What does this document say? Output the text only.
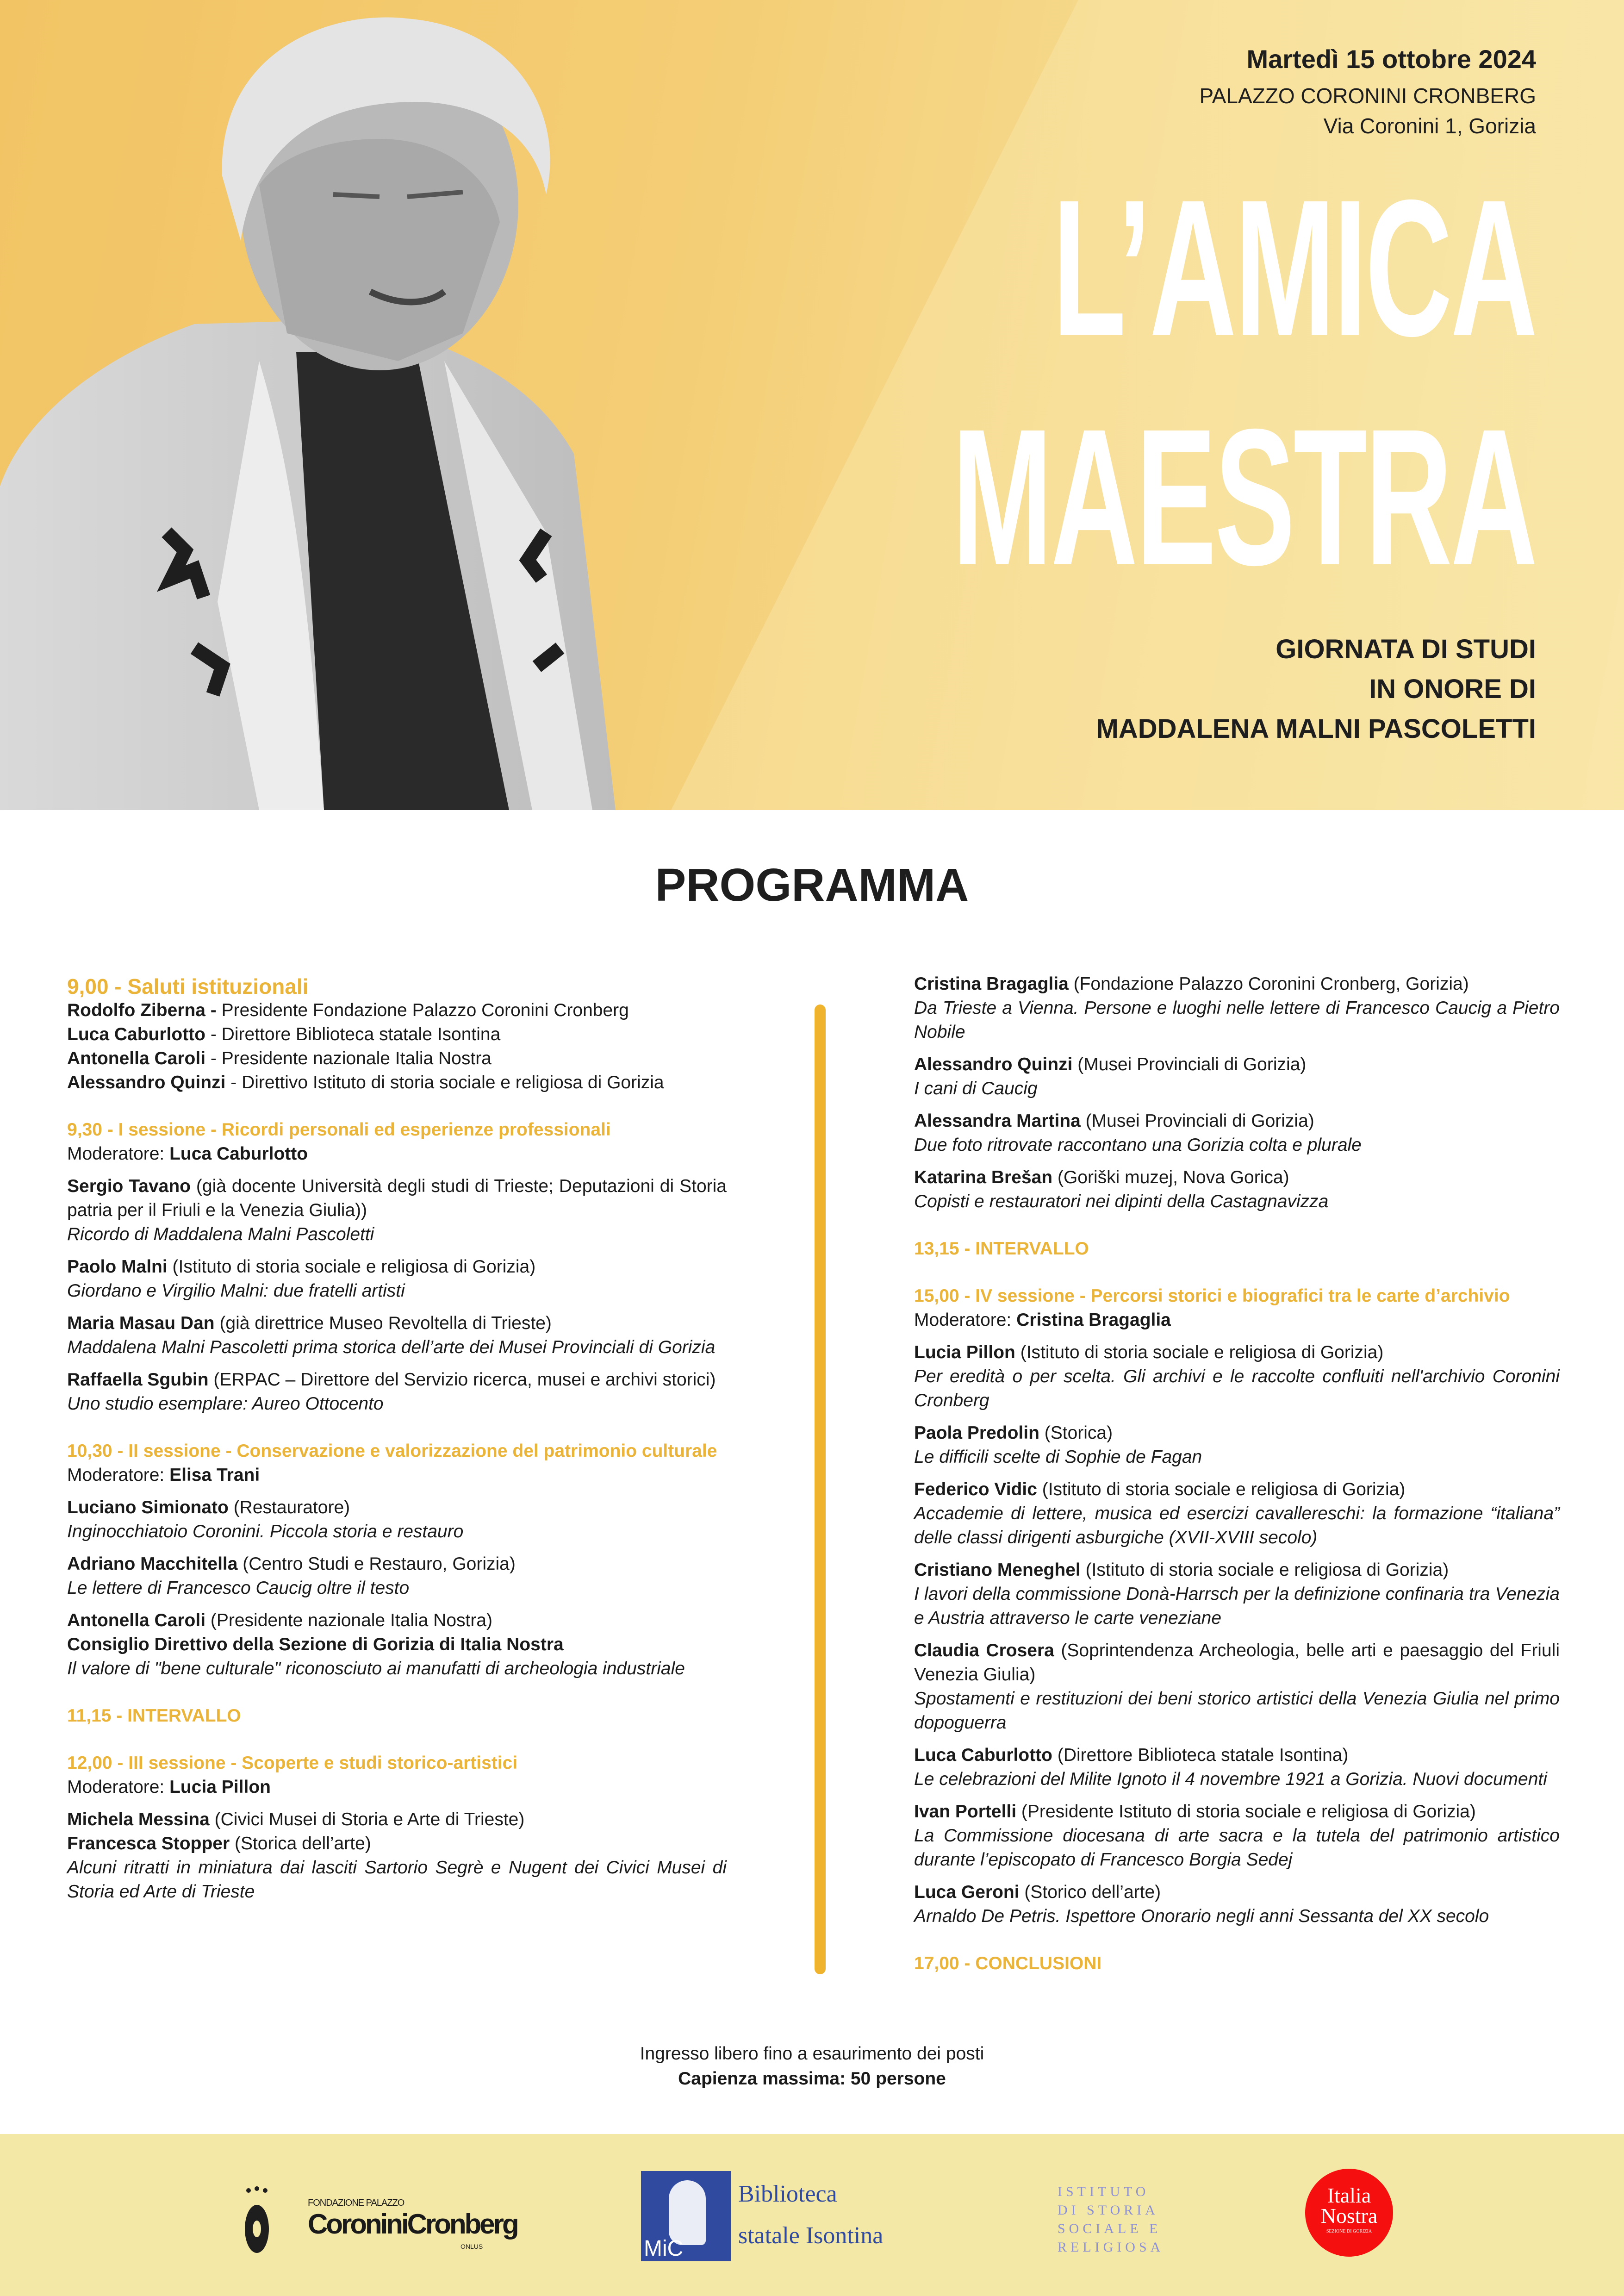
Martedì 15 ottobre 2024
PALAZZO CORONINI CRONBERG
Via Coronini 1, Gorizia
L’AMICA
MAESTRA
GIORNATA DI STUDI
IN ONORE DI
MADDALENA MALNI PASCOLETTI
PROGRAMMA
9,00 - Saluti istituzionali
Rodolfo Ziberna - Presidente Fondazione Palazzo Coronini Cronberg
Luca Caburlotto - Direttore Biblioteca statale Isontina
Antonella Caroli - Presidente nazionale Italia Nostra
Alessandro Quinzi - Direttivo Istituto di storia sociale e religiosa di Gorizia
9,30 - I sessione - Ricordi personali ed esperienze professionali
Moderatore: Luca Caburlotto
Sergio Tavano (già docente Università degli studi di Trieste; Deputazioni di Storia patria per il Friuli e la Venezia Giulia))
Ricordo di Maddalena Malni Pascoletti
Paolo Malni (Istituto di storia sociale e religiosa di Gorizia)
Giordano e Virgilio Malni: due fratelli artisti
Maria Masau Dan (già direttrice Museo Revoltella di Trieste)
Maddalena Malni Pascoletti prima storica dell’arte dei Musei Provinciali di Gorizia
Raffaella Sgubin (ERPAC – Direttore del Servizio ricerca, musei e archivi storici)
Uno studio esemplare: Aureo Ottocento
10,30 - II sessione - Conservazione e valorizzazione del patrimonio culturale
Moderatore: Elisa Trani
Luciano Simionato (Restauratore)
Inginocchiatoio Coronini. Piccola storia e restauro
Adriano Macchitella (Centro Studi e Restauro, Gorizia)
Le lettere di Francesco Caucig oltre il testo
Antonella Caroli (Presidente nazionale Italia Nostra)
Consiglio Direttivo della Sezione di Gorizia di Italia Nostra
Il valore di "bene culturale" riconosciuto ai manufatti di archeologia industriale
11,15 - INTERVALLO
12,00 - III sessione - Scoperte e studi storico-artistici
Moderatore: Lucia Pillon
Michela Messina (Civici Musei di Storia e Arte di Trieste)
Francesca Stopper (Storica dell’arte)
Alcuni ritratti in miniatura dai lasciti Sartorio Segrè e Nugent dei Civici Musei di Storia ed Arte di Trieste
Cristina Bragaglia (Fondazione Palazzo Coronini Cronberg, Gorizia)
Da Trieste a Vienna. Persone e luoghi nelle lettere di Francesco Caucig a Pietro Nobile
Alessandro Quinzi (Musei Provinciali di Gorizia)
I cani di Caucig
Alessandra Martina (Musei Provinciali di Gorizia)
Due foto ritrovate raccontano una Gorizia colta e plurale
Katarina Brešan (Goriški muzej, Nova Gorica)
Copisti e restauratori nei dipinti della Castagnavizza
13,15 - INTERVALLO
15,00 - IV sessione - Percorsi storici e biografici tra le carte d’archivio
Moderatore: Cristina Bragaglia
Lucia Pillon (Istituto di storia sociale e religiosa di Gorizia)
Per eredità o per scelta. Gli archivi e le raccolte confluiti nell'archivio Coronini Cronberg
Paola Predolin (Storica)
Le difficili scelte di Sophie de Fagan
Federico Vidic (Istituto di storia sociale e religiosa di Gorizia)
Accademie di lettere, musica ed esercizi cavallereschi: la formazione “italiana” delle classi dirigenti asburgiche (XVII-XVIII secolo)
Cristiano Meneghel (Istituto di storia sociale e religiosa di Gorizia)
I lavori della commissione Donà-Harrsch per la definizione confinaria tra Venezia e Austria attraverso le carte veneziane
Claudia Crosera (Soprintendenza Archeologia, belle arti e paesaggio del Friuli Venezia Giulia)
Spostamenti e restituzioni dei beni storico artistici della Venezia Giulia nel primo dopoguerra
Luca Caburlotto (Direttore Biblioteca statale Isontina)
Le celebrazioni del Milite Ignoto il 4 novembre 1921 a Gorizia. Nuovi documenti
Ivan Portelli (Presidente Istituto di storia sociale e religiosa di Gorizia)
La Commissione diocesana di arte sacra e la tutela del patrimonio artistico durante l’episcopato di Francesco Borgia Sedej
Luca Geroni (Storico dell’arte)
Arnaldo De Petris. Ispettore Onorario negli anni Sessanta del XX secolo
17,00 - CONCLUSIONI
Ingresso libero fino a esaurimento dei posti
Capienza massima: 50 persone
FONDAZIONE PALAZZO
CoroniniCronberg
ONLUS	MiC
Biblioteca
statale Isontina
ISTITUTO
DI STORIA
SOCIALE E
RELIGIOSA
Italia
Nostra
SEZIONE DI GORIZIA
